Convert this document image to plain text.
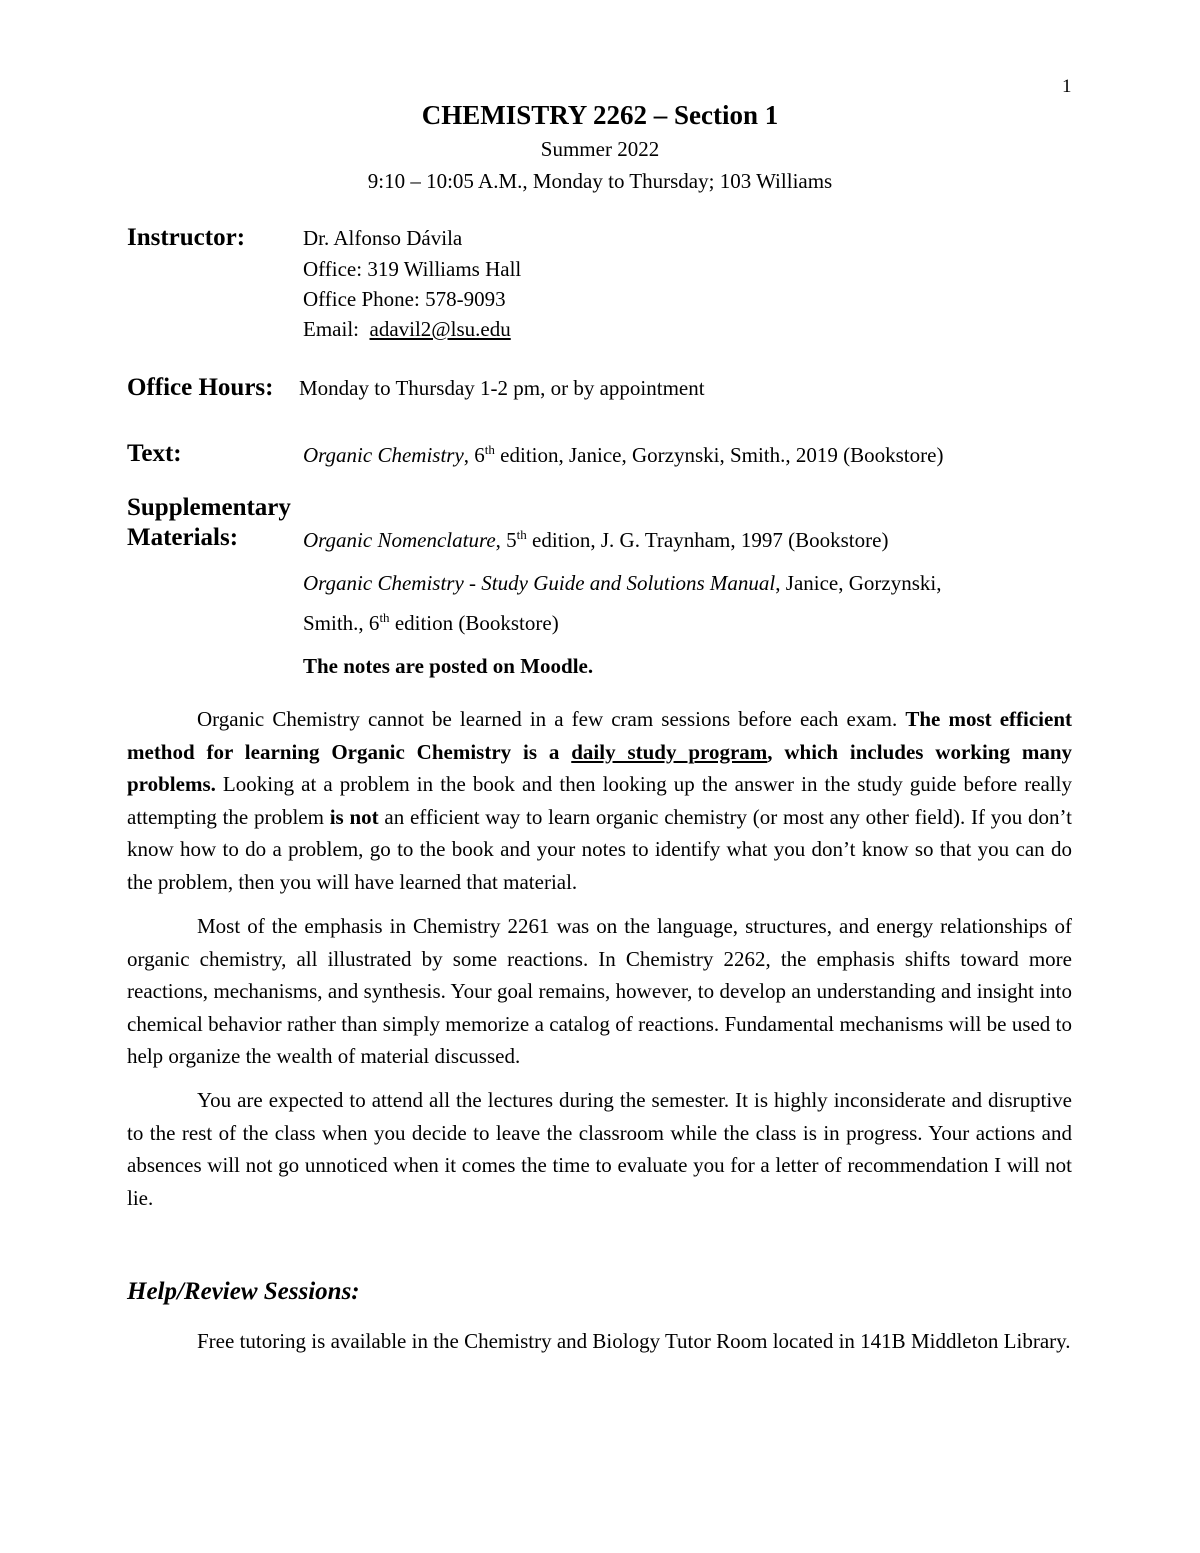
1
CHEMISTRY 2262 – Section 1
Summer 2022
9:10 – 10:05 A.M., Monday to Thursday; 103 Williams
Instructor:	Dr. Alfonso Dávila
Office: 319 Williams Hall
Office Phone: 578-9093
Email:  adavil2@lsu.edu
Office Hours: Monday to Thursday 1-2 pm, or by appointment
Text:	Organic Chemistry, 6th edition, Janice, Gorzynski, Smith., 2019 (Bookstore)
Supplementary
Materials:	Organic Nomenclature, 5th edition, J. G. Traynham, 1997 (Bookstore)
Organic Chemistry - Study Guide and Solutions Manual, Janice, Gorzynski,
Smith., 6th edition (Bookstore)
The notes are posted on Moodle.

Organic Chemistry cannot be learned in a few cram sessions before each exam. The most efficient method for learning Organic Chemistry is a daily study program, which includes working many problems. Looking at a problem in the book and then looking up the answer in the study guide before really attempting the problem is not an efficient way to learn organic chemistry (or most any other field). If you don’t know how to do a problem, go to the book and your notes to identify what you don’t know so that you can do the problem, then you will have learned that material.

Most of the emphasis in Chemistry 2261 was on the language, structures, and energy relationships of organic chemistry, all illustrated by some reactions. In Chemistry 2262, the emphasis shifts toward more reactions, mechanisms, and synthesis. Your goal remains, however, to develop an understanding and insight into chemical behavior rather than simply memorize a catalog of reactions. Fundamental mechanisms will be used to help organize the wealth of material discussed.

You are expected to attend all the lectures during the semester. It is highly inconsiderate and disruptive to the rest of the class when you decide to leave the classroom while the class is in progress. Your actions and absences will not go unnoticed when it comes the time to evaluate you for a letter of recommendation I will not lie.

Help/Review Sessions:

Free tutoring is available in the Chemistry and Biology Tutor Room located in 141B Middleton Library.
